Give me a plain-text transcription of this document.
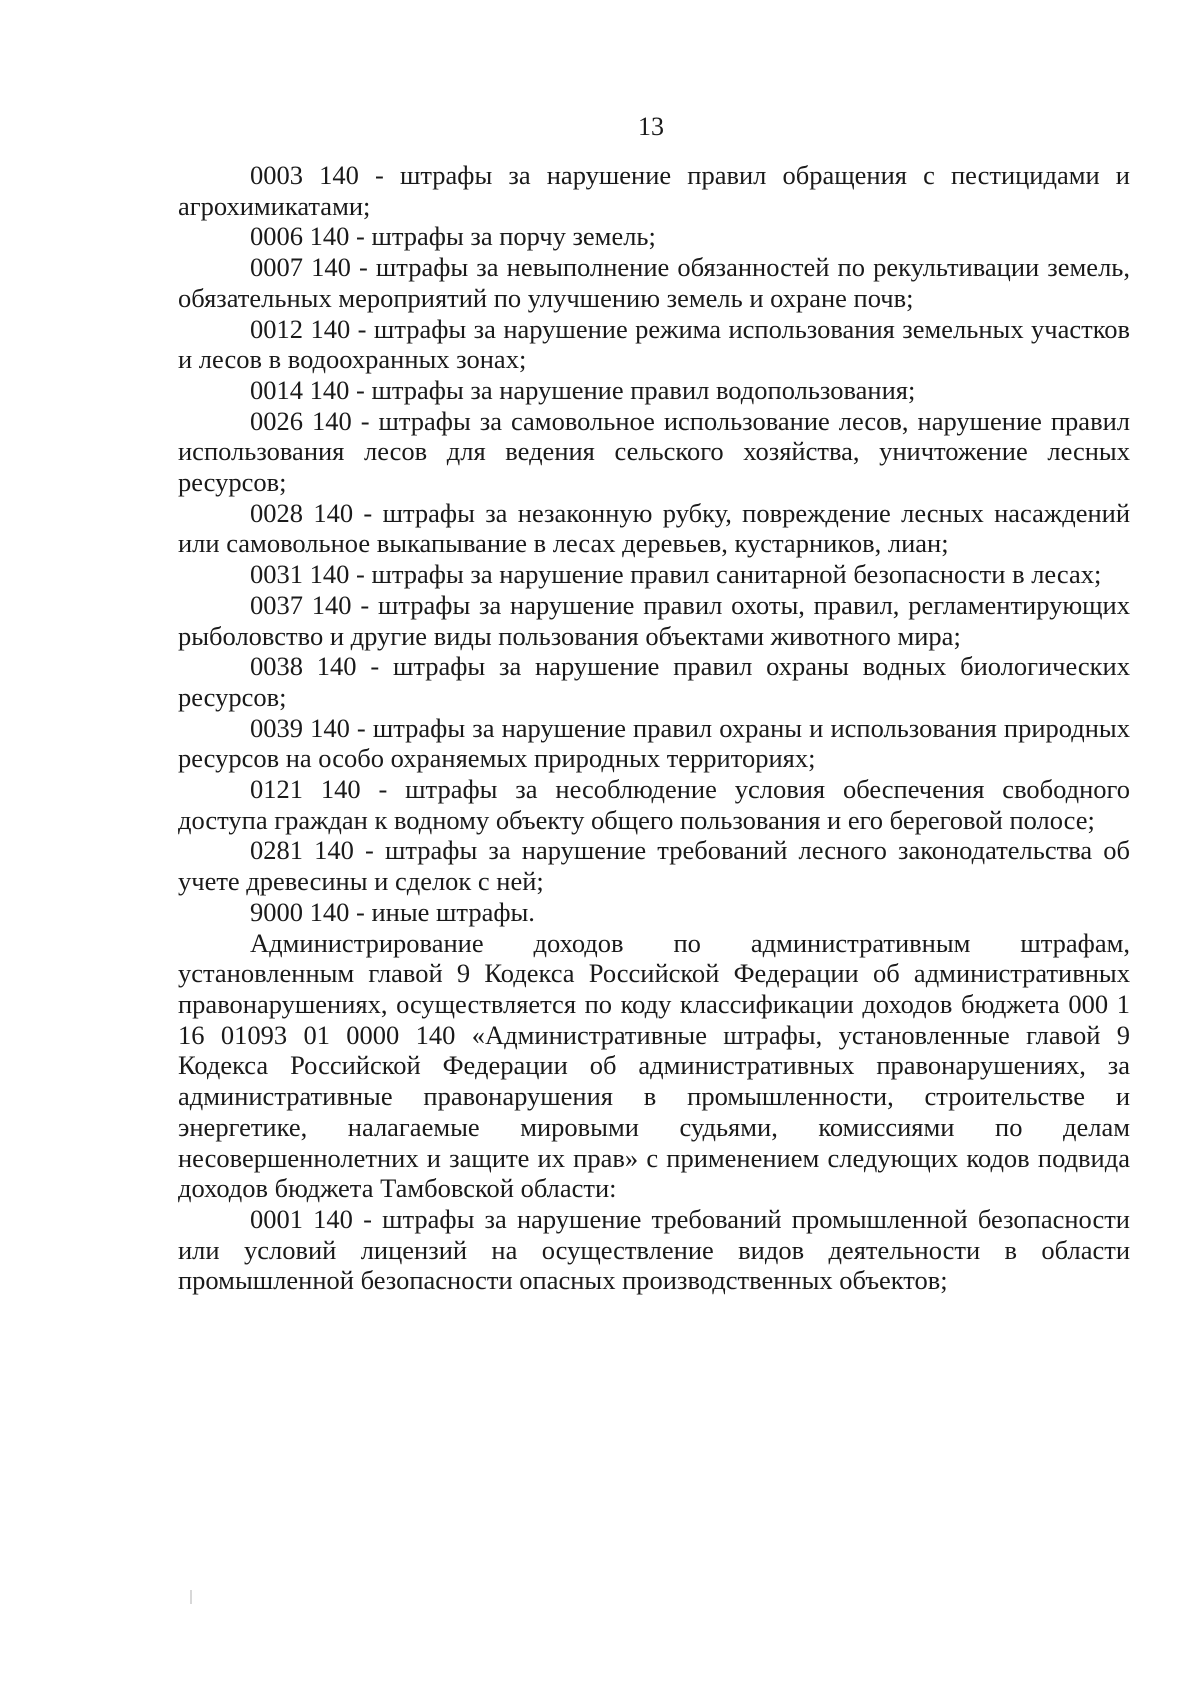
13

0003 140 - штрафы за нарушение правил обращения с пестицидами и агрохимикатами;

0006 140 - штрафы за порчу земель;

0007 140 - штрафы за невыполнение обязанностей по рекультивации земель, обязательных мероприятий по улучшению земель и охране почв;

0012 140 - штрафы за нарушение режима использования земельных участков и лесов в водоохранных зонах;

0014 140 - штрафы за нарушение правил водопользования;

0026 140 - штрафы за самовольное использование лесов, нарушение правил использования лесов для ведения сельского хозяйства, уничтожение лесных ресурсов;

0028 140 - штрафы за незаконную рубку, повреждение лесных насаждений или самовольное выкапывание в лесах деревьев, кустарников, лиан;

0031 140 - штрафы за нарушение правил санитарной безопасности в лесах;

0037 140 - штрафы за нарушение правил охоты, правил, регламентирующих рыболовство и другие виды пользования объектами животного мира;

0038 140 - штрафы за нарушение правил охраны водных биологических ресурсов;

0039 140 - штрафы за нарушение правил охраны и использования природных ресурсов на особо охраняемых природных территориях;

0121 140 - штрафы за несоблюдение условия обеспечения свободного доступа граждан к водному объекту общего пользования и его береговой полосе;

0281 140 - штрафы за нарушение требований лесного законодательства об учете древесины и сделок с ней;

9000 140 - иные штрафы.

Администрирование доходов по административным штрафам, установленным главой 9 Кодекса Российской Федерации об административных правонарушениях, осуществляется по коду классификации доходов бюджета 000 1 16 01093 01 0000 140 «Административные штрафы, установленные главой 9 Кодекса Российской Федерации об административных правонарушениях, за административные правонарушения в промышленности, строительстве и энергетике, налагаемые мировыми судьями, комиссиями по делам несовершеннолетних и защите их прав» с применением следующих кодов подвида доходов бюджета Тамбовской области:

0001 140 - штрафы за нарушение требований промышленной безопасности или условий лицензий на осуществление видов деятельности в области промышленной безопасности опасных производственных объектов;
